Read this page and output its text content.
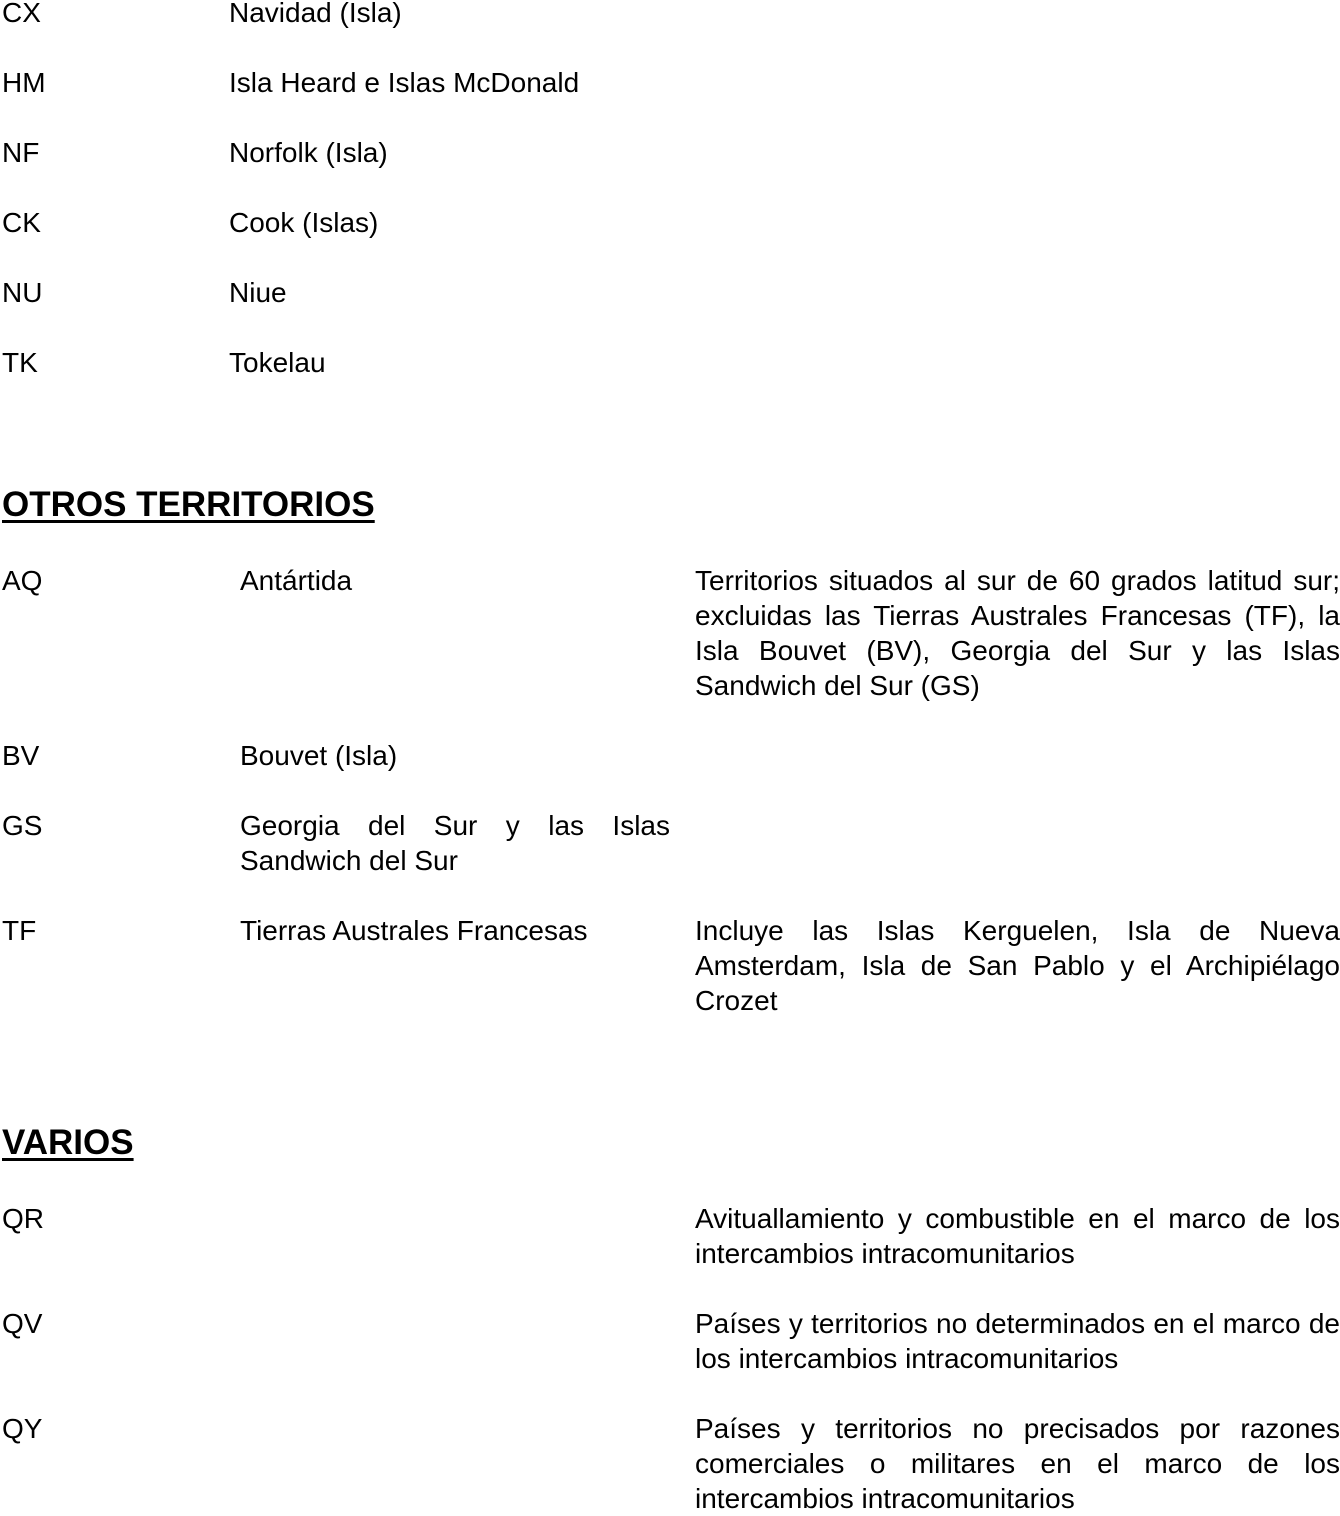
CX	Navidad (Isla)
HM	Isla Heard e Islas McDonald
NF	Norfolk (Isla)
CK	Cook (Islas)
NU	Niue
TK	Tokelau
OTROS TERRITORIOS
AQ	Antártida	Territorios situados al sur de 60 grados latitud sur; excluidas las Tierras Australes Francesas (TF), la Isla Bouvet (BV), Georgia del Sur y las Islas Sandwich del Sur (GS)
BV	Bouvet (Isla)
GS	Georgia del Sur y las Islas Sandwich del Sur
TF	Tierras Australes Francesas	Incluye las Islas Kerguelen, Isla de Nueva Amsterdam, Isla de San Pablo y el Archipiélago Crozet
VARIOS
QR	Avituallamiento y combustible en el marco de los intercambios intracomunitarios
QV	Países y territorios no determinados en el marco de los intercambios intracomunitarios
QY	Países y territorios no precisados por razones comerciales o militares en el marco de los intercambios intracomunitarios
